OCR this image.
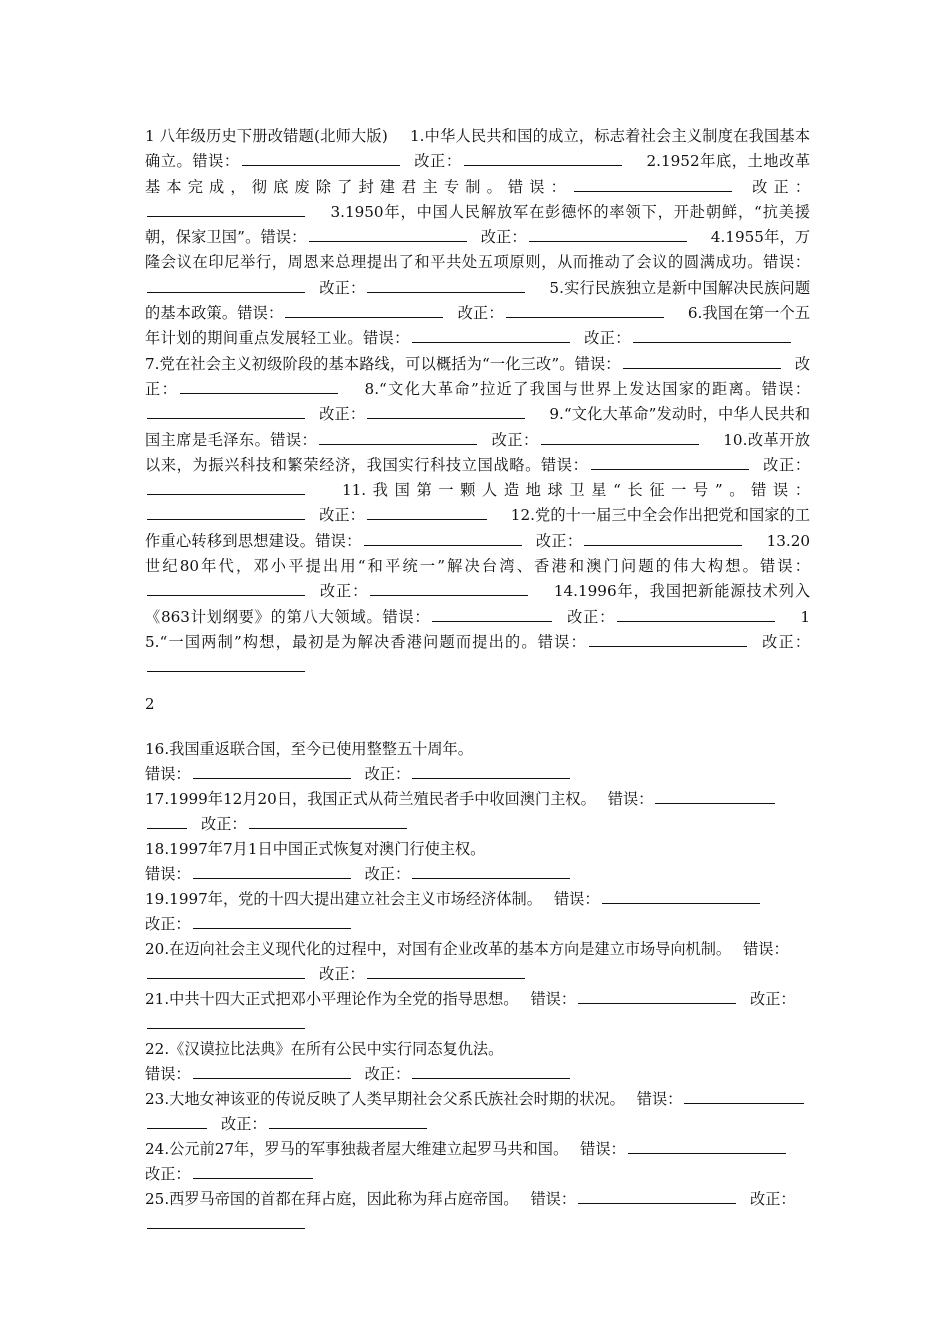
1 八年级历史下册改错题(北师大版) 1.中华人民共和国的成立，标志着社会主义制度在我国基本确立。错误：	改正：	2.1952年底，土地改革基本完成，彻底废除了封建君主专制。错误：	改正：  3.1950年，中国人民解放军在彭德怀的率领下，开赴朝鲜，“抗美援朝，保家卫国”。错误：	改正：	4.1955年，万隆会议在印尼举行，周恩来总理提出了和平共处五项原则，从而推动了会议的圆满成功。错误：改正：	5.实行民族独立是新中国解决民族问题的基本政策。错误：	改正：	6.我国在第一个五年计划的期间重点发展轻工业。错误：	改正：  7.党在社会主义初级阶段的基本路线，可以概括为“一化三改”。错误：	改正：	8.“文化大革命”拉近了我国与世界上发达国家的距离。错误：改正：	9.“文化大革命”发动时，中华人民共和国主席是毛泽东。错误：	改正：	10.改革开放以来，为振兴科技和繁荣经济，我国实行科技立国战略。错误：	改正：  11.我国第一颗人造地球卫星“长征一号”。错误：改正：	12.党的十一届三中全会作出把党和国家的工作重心转移到思想建设。错误：	改正：	13.20世纪80年代，邓小平提出用“和平统一”解决台湾、香港和澳门问题的伟大构想。错误：改正：	14.1996年，我国把新能源技术列入《863计划纲要》的第八大领域。错误：	改正：	15.“一国两制”构想，最初是为解决香港问题而提出的。错误：	改正：

2

16.我国重返联合国，至今已使用整整五十周年。
错误：	改正：

17.1999年12月20日，我国正式从荷兰殖民者手中收回澳门主权。 错误：改正：

18.1997年7月1日中国正式恢复对澳门行使主权。
错误：	改正：

19.1997年，党的十四大提出建立社会主义市场经济体制。 错误：
改正：

20.在迈向社会主义现代化的过程中，对国有企业改革的基本方向是建立市场导向机制。 错误：改正：

21.中共十四大正式把邓小平理论作为全党的指导思想。 错误：	改正：

22.《汉谟拉比法典》在所有公民中实行同态复仇法。
错误：	改正：

23.大地女神该亚的传说反映了人类早期社会父系氏族社会时期的状况。 错误：改正：

24.公元前27年，罗马的军事独裁者屋大维建立起罗马共和国。 错误：改正：

25.西罗马帝国的首都在拜占庭，因此称为拜占庭帝国。 错误：	改正：
